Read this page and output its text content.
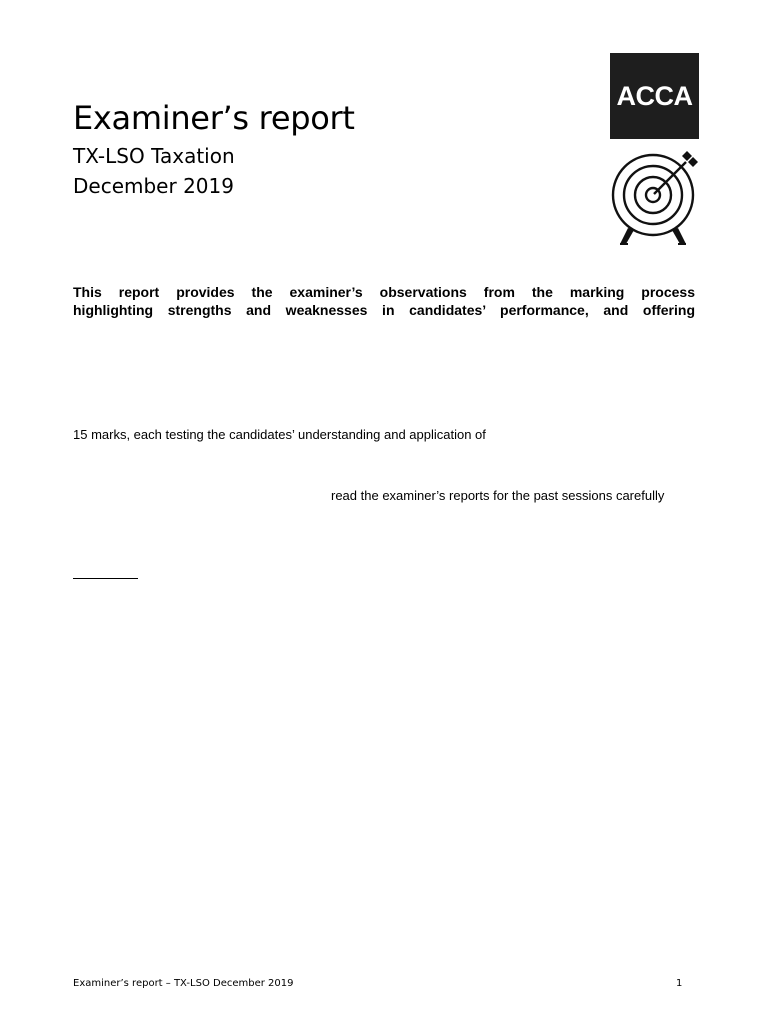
Examiner’s report
TX-LSO Taxation
December 2019
ACCA
This report provides the examiner’s observations from the marking process
highlighting strengths and weaknesses in candidates’ performance, and offering
15 marks, each testing the candidates’ understanding and application of
read the examiner’s reports for the past sessions carefully
Examiner’s report – TX-LSO December 2019	1
